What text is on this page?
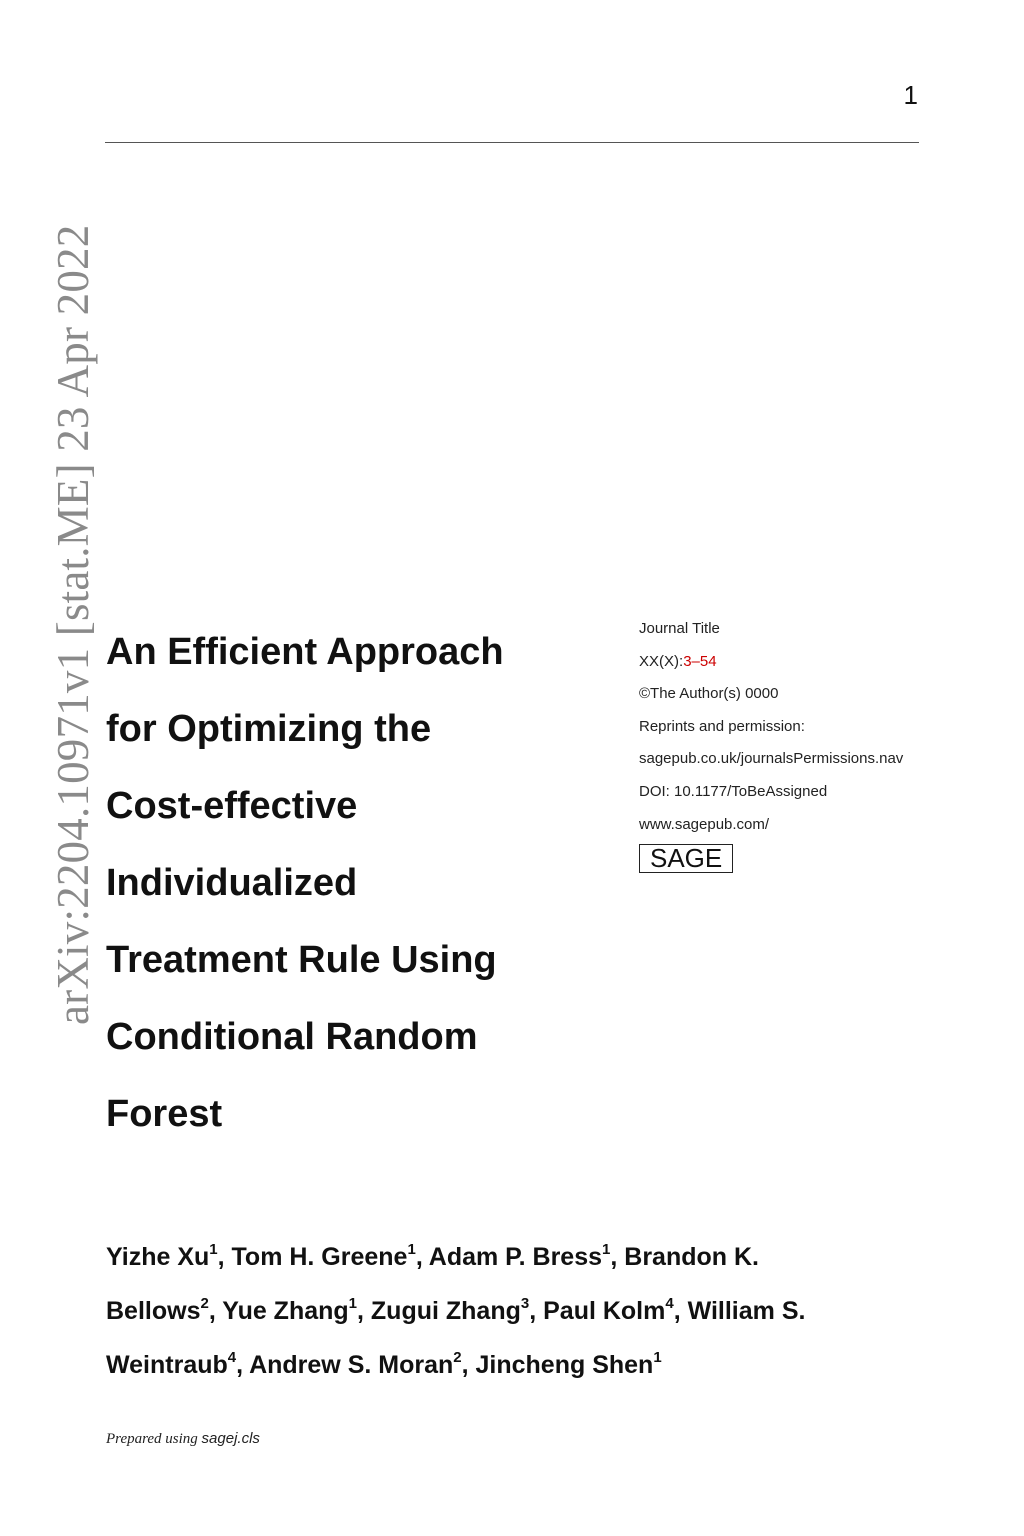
1
arXiv:2204.10971v1 [stat.ME] 23 Apr 2022 An Efficient Approach
for Optimizing the
Cost-effective
Individualized
Treatment Rule Using
Conditional Random
Forest
Journal Title
XX(X):3–54
©The Author(s) 0000
Reprints and permission:
sagepub.co.uk/journalsPermissions.nav
DOI: 10.1177/ToBeAssigned
www.sagepub.com/
SAGE
Yizhe Xu$^1$, Tom H. Greene$^1$, Adam P. Bress$^1$, Brandon K.
Bellows$^2$, Yue Zhang$^1$, Zugui Zhang$^3$, Paul Kolm$^4$, William S.
Weintraub$^4$, Andrew S. Moran$^2$, Jincheng Shen$^1$
Prepared using sagej.cls
